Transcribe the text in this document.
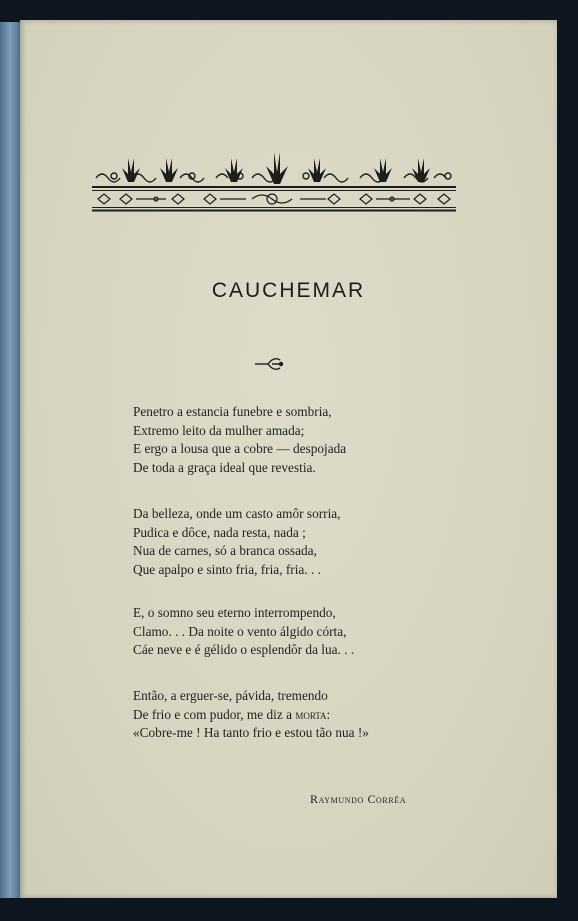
CAUCHEMAR
Penetro a estancia funebre e sombria,
Extremo leito da mulher amada;
E ergo a lousa que a cobre — despojada
De toda a graça ideal que revestia.
Da belleza, onde um casto amôr sorria,
Pudica e dôce, nada resta, nada ;
Nua de carnes, só a branca ossada,
Que apalpo e sinto fria, fria, fria. . .
E, o somno seu eterno interrompendo,
Clamo. . . Da noite o vento álgido córta,
Cáe neve e é gélido o esplendôr da lua. . .
Então, a erguer-se, pávida, tremendo
De frio e com pudor, me diz a morta:
«Cobre-me ! Ha tanto frio e estou tão nua !»
Raymundo Corrêa
